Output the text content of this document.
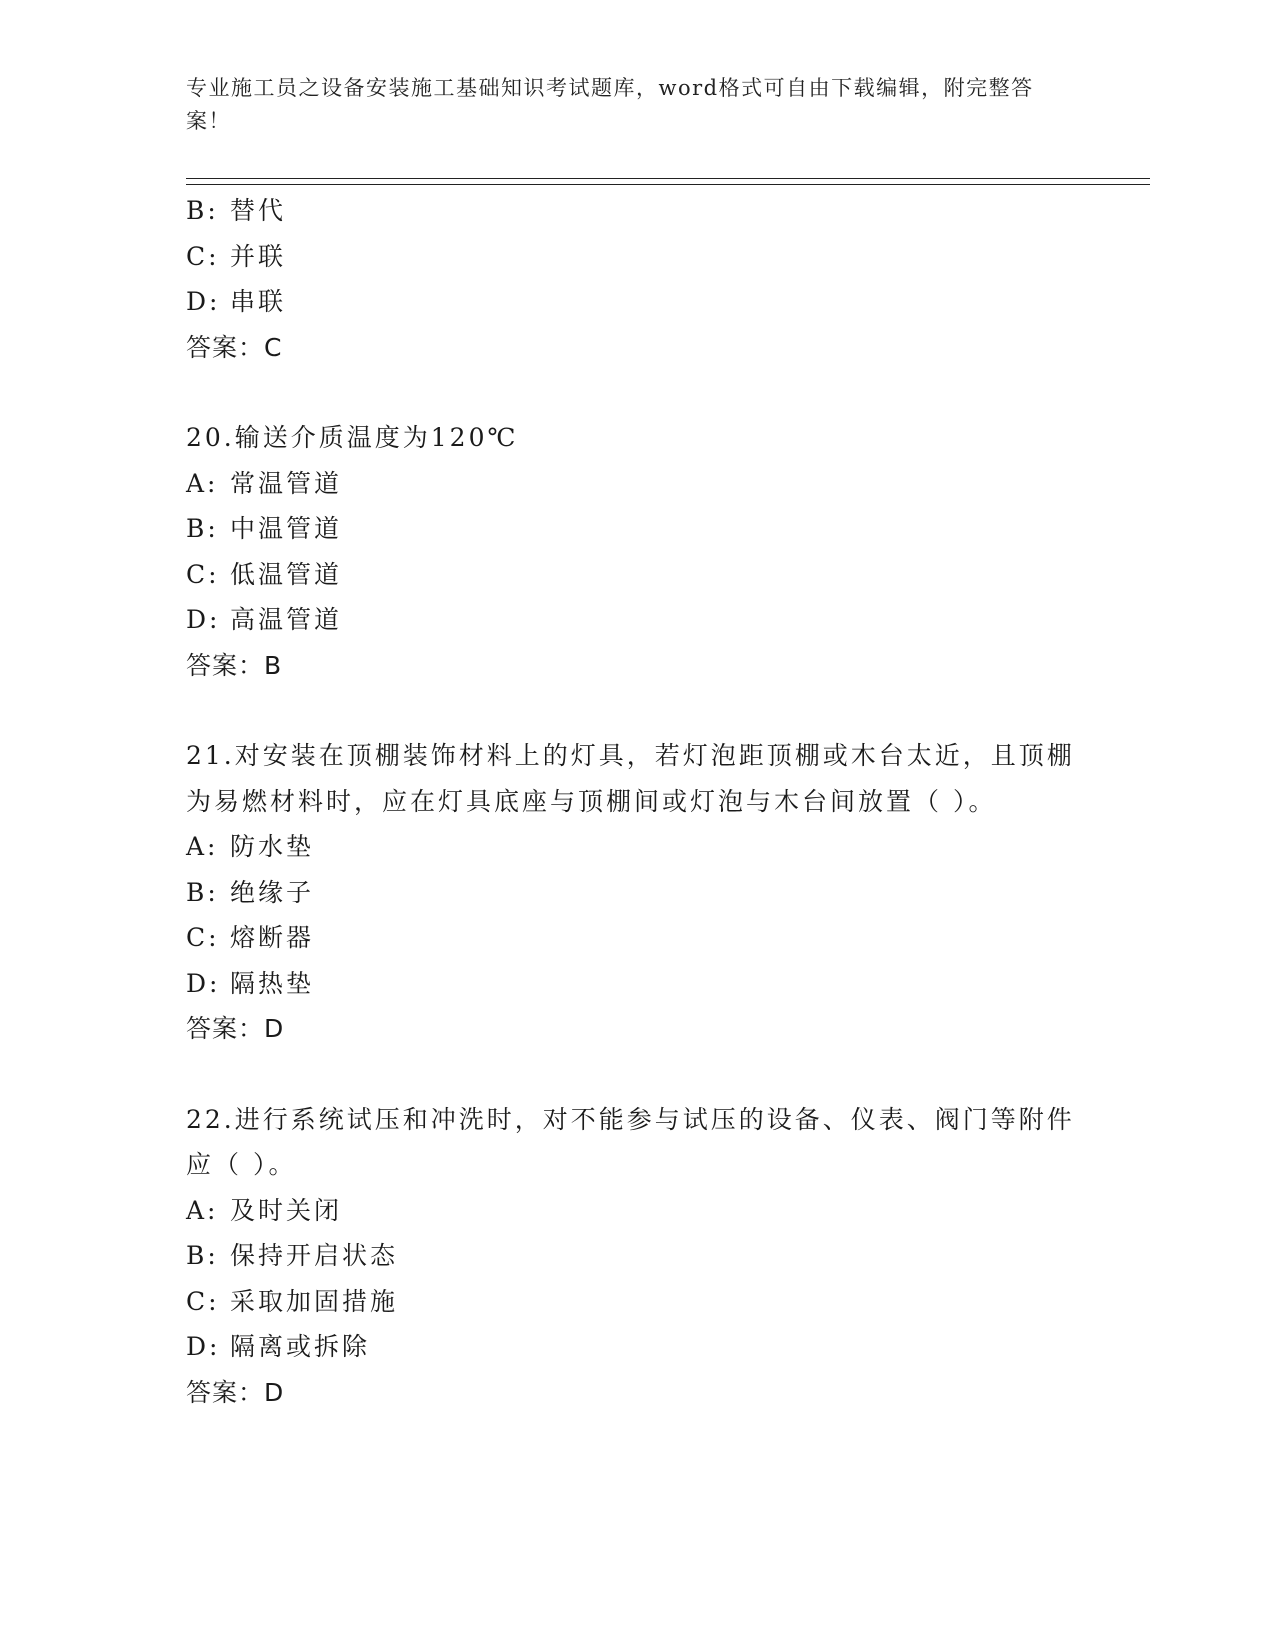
专业施工员之设备安装施工基础知识考试题库，word格式可自由下载编辑，附完整答案！
B: 替代
C: 并联
D: 串联
答案：C
20.输送介质温度为120℃
A: 常温管道
B: 中温管道
C: 低温管道
D: 高温管道
答案：B
21.对安装在顶棚装饰材料上的灯具，若灯泡距顶棚或木台太近，且顶棚为易燃材料时，应在灯具底座与顶棚间或灯泡与木台间放置（ ）。
A: 防水垫
B: 绝缘子
C: 熔断器
D: 隔热垫
答案：D
22.进行系统试压和冲洗时，对不能参与试压的设备、仪表、阀门等附件应（ ）。
A: 及时关闭
B: 保持开启状态
C: 采取加固措施
D: 隔离或拆除
答案：D
